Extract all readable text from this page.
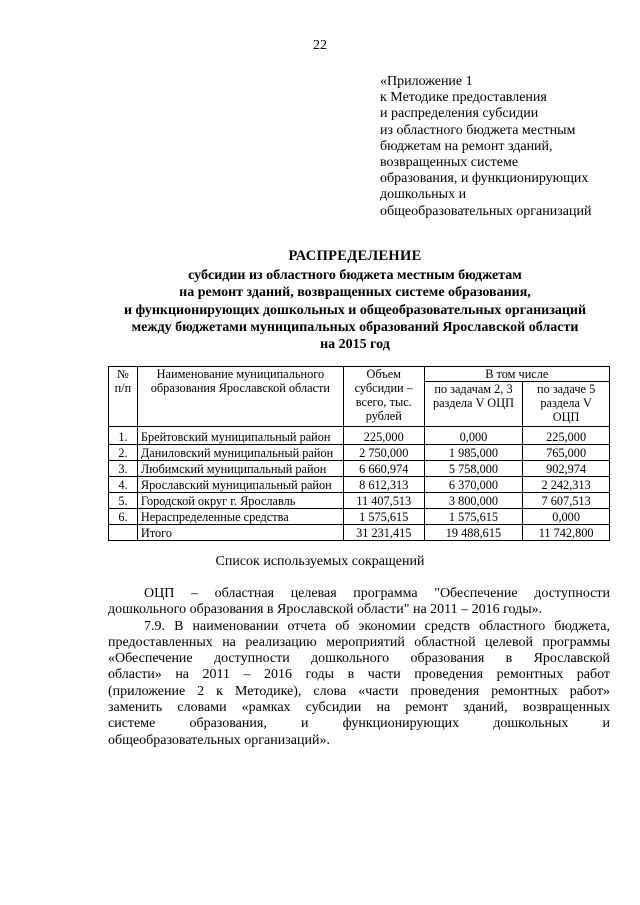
22
«Приложение 1
к Методике предоставления
и распределения субсидии
из областного бюджета местным
бюджетам на ремонт зданий,
возвращенных системе
образования, и функционирующих
дошкольных и
общеобразовательных организаций
РАСПРЕДЕЛЕНИЕ
субсидии из областного бюджета местным бюджетам
на ремонт зданий, возвращенных системе образования,
и функционирующих дошкольных и общеобразовательных организаций
между бюджетами муниципальных образований Ярославской области
на 2015 год
№ п/п	Наименование муниципального образования Ярославской области	Объем субсидии – всего, тыс. рублей	В том числе	
			по задачам 2, 3 раздела V ОЦП	по задаче 5 раздела V ОЦП
1.	Брейтовский муниципальный район	225,000	0,000	225,000
2.	Даниловский муниципальный район	2 750,000	1 985,000	765,000
3.	Любимский муниципальный район	6 660,974	5 758,000	902,974
4.	Ярославский муниципальный район	8 612,313	6 370,000	2 242,313
5.	Городской округ г. Ярославль	11 407,513	3 800,000	7 607,513
6.	Нераспределенные средства	1 575,615	1 575,615	0,000
	Итого	31 231,415	19 488,615	11 742,800
Список используемых сокращений
ОЦП – областная целевая программа "Обеспечение доступности
дошкольного образования в Ярославской области" на 2011 – 2016 годы».
7.9. В наименовании отчета об экономии средств областного бюджета,
предоставленных на реализацию мероприятий областной целевой программы
«Обеспечение доступности дошкольного образования в Ярославской
области» на 2011 – 2016 годы в части проведения ремонтных работ
(приложение 2 к Методике), слова «части проведения ремонтных работ»
заменить словами «рамках субсидии на ремонт зданий, возвращенных
системе образования, и функционирующих дошкольных и
общеобразовательных организаций».
